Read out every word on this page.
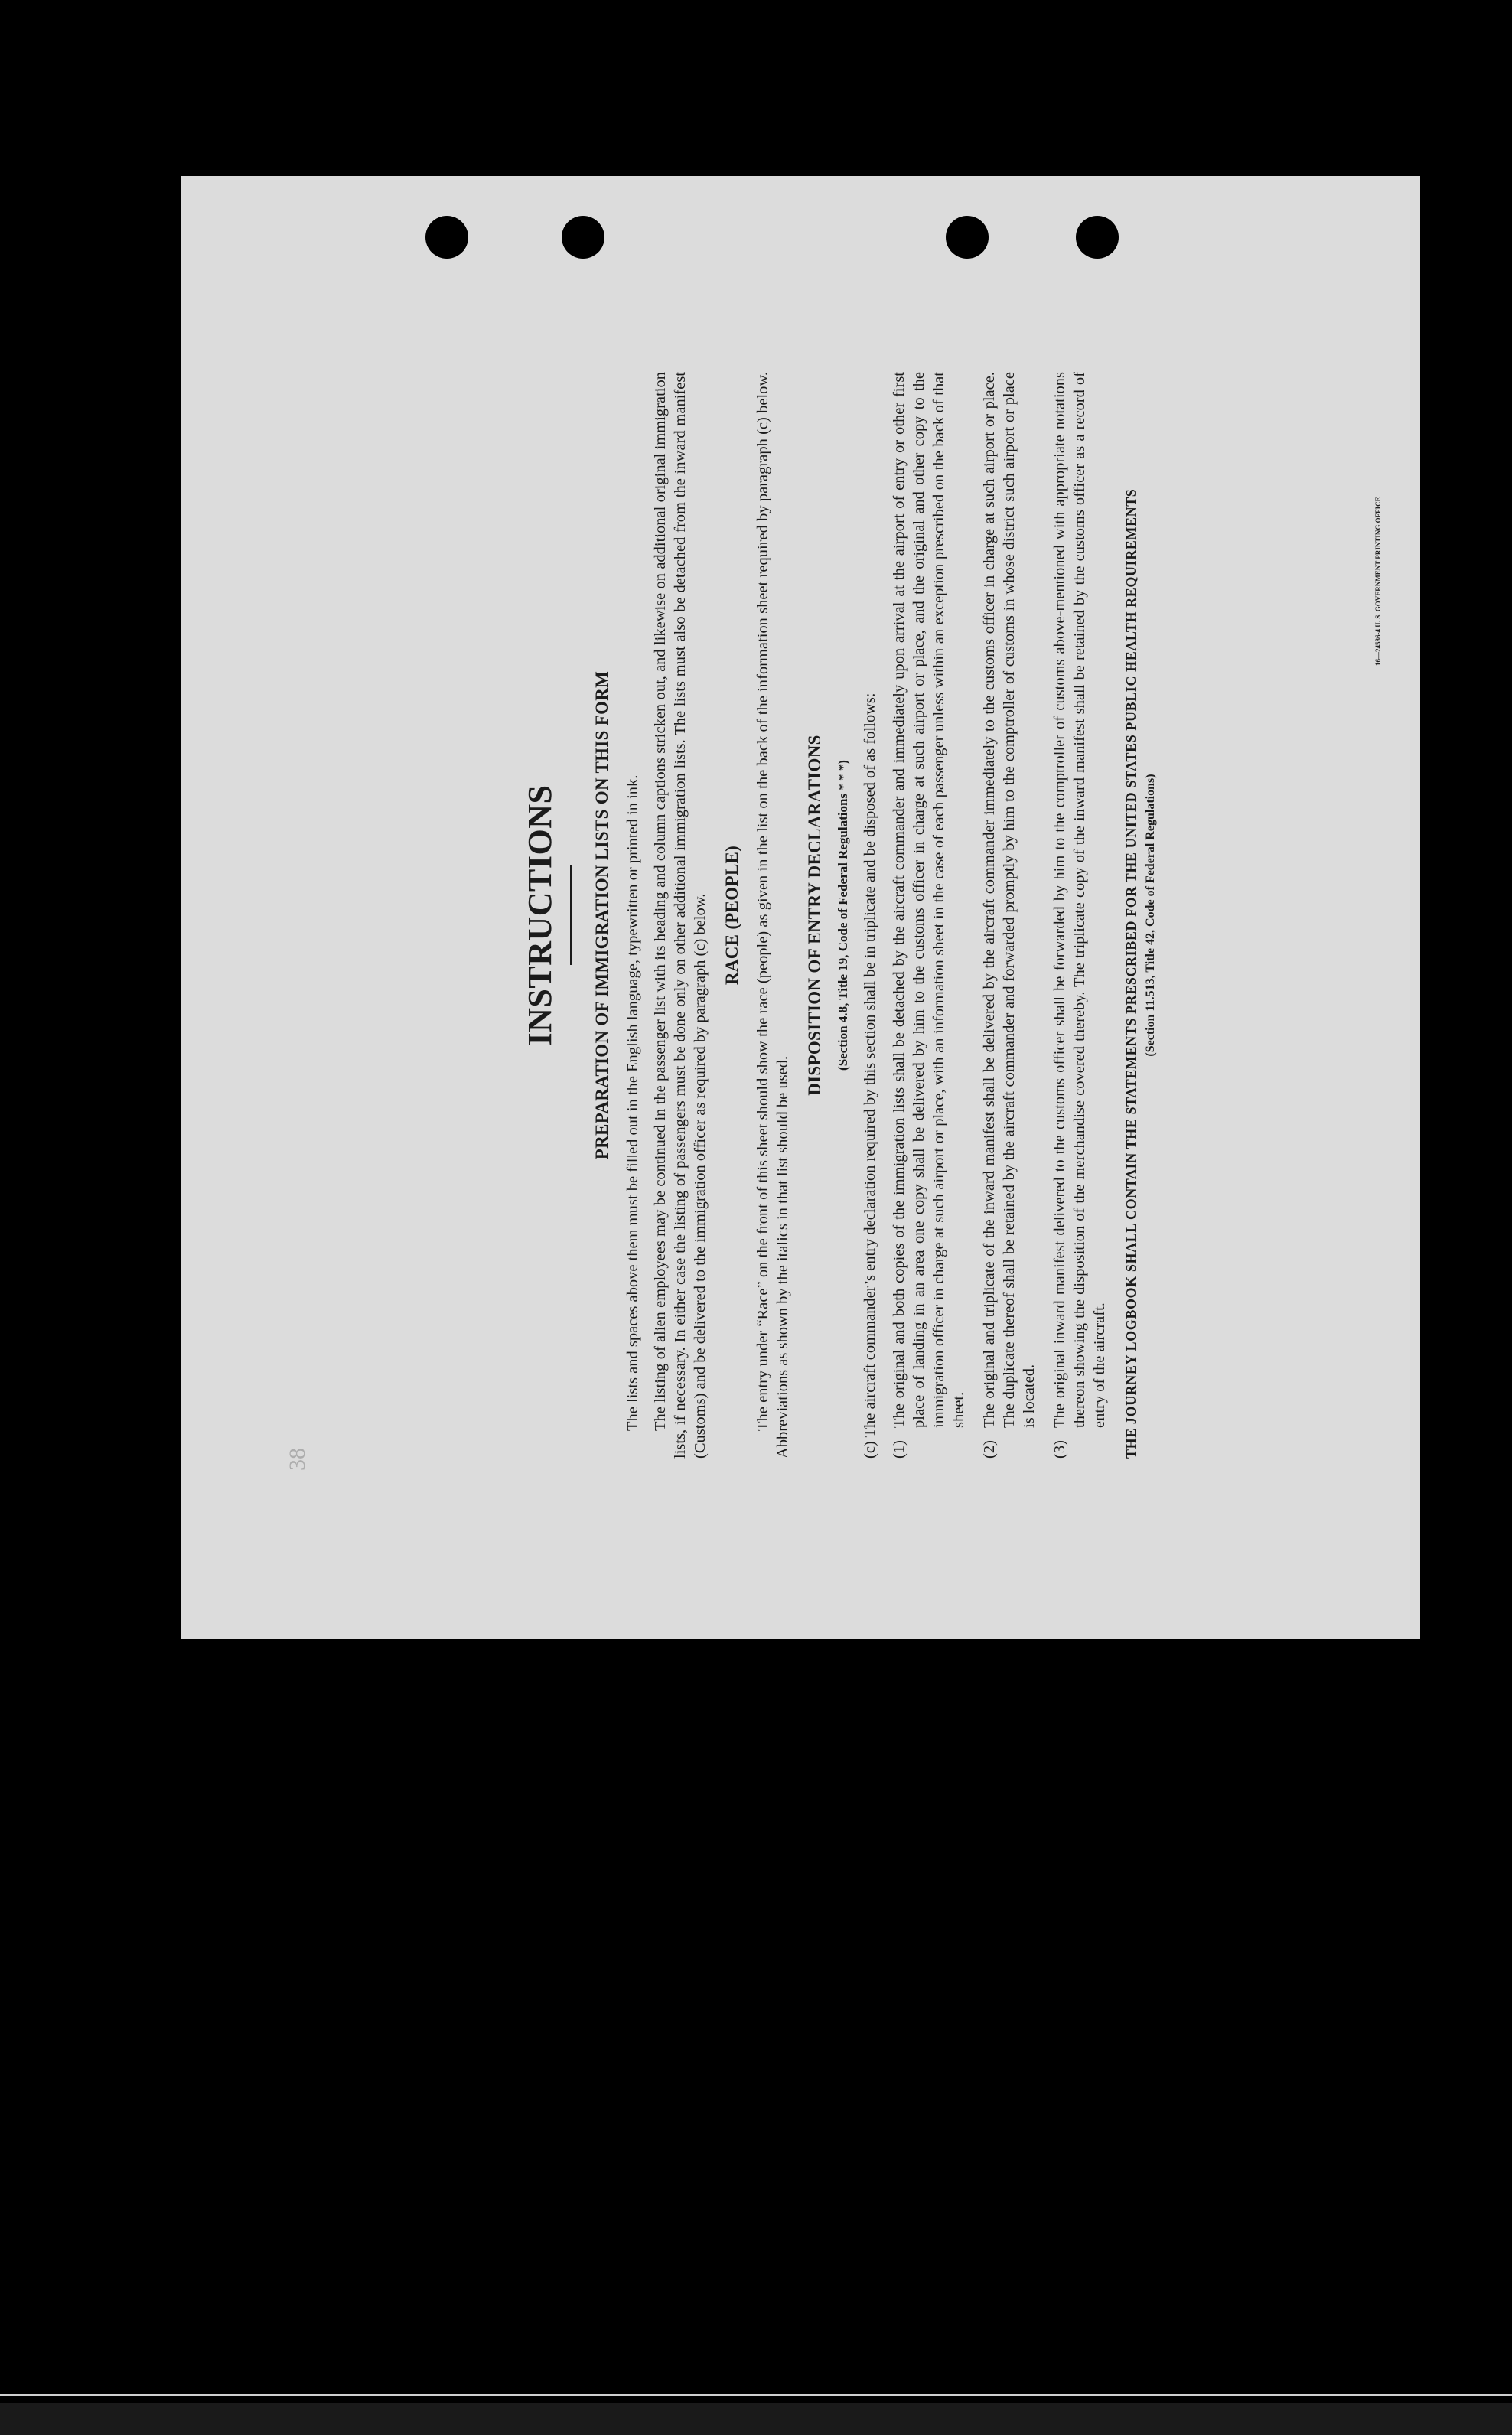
38
INSTRUCTIONS PREPARATION OF IMMIGRATION LISTS ON THIS FORM The lists and spaces above them must be filled out in the English language, typewritten or printed in ink. The listing of alien employees may be continued in the passenger list with its heading and column captions stricken out, and likewise on additional original immigration lists, if necessary. In either case the listing of passengers must be done only on other additional immigration lists. The lists must also be detached from the inward manifest (Customs) and be delivered to the immigration officer as required by paragraph (c) below. RACE (PEOPLE) The entry under “Race” on the front of this sheet should show the race (people) as given in the list on the back of the information sheet required by paragraph (c) below. Abbreviations as shown by the italics in that list should be used.

DISPOSITION OF ENTRY DECLARATIONS (Section 4.8, Title 19, Code of Federal Regulations * * *) (c) The aircraft commander’s entry declaration required by this section shall be in triplicate and be disposed of as follows: (1)
The original and both copies of the immigration lists shall be detached by the aircraft commander and immediately upon arrival at the airport of entry or other first place of landing in an area one copy shall be delivered by him to the customs officer in charge at such airport or place, and the original and other copy to the immigration officer in charge at such airport or place, with an information sheet in the case of each passenger unless within an exception prescribed on the back of that sheet.
(2)
The original and triplicate of the inward manifest shall be delivered by the aircraft commander immediately to the customs officer in charge at such airport or place. The duplicate thereof shall be retained by the aircraft commander and forwarded promptly by him to the comptroller of customs in whose district such airport or place is located.
(3)
The original inward manifest delivered to the customs officer shall be forwarded by him to the comptroller of customs above-mentioned with appropriate notations thereon showing the disposition of the merchandise covered thereby. The triplicate copy of the inward manifest shall be retained by the customs officer as a record of entry of the aircraft. THE JOURNEY LOGBOOK SHALL CONTAIN THE STATEMENTS PRESCRIBED FOR THE UNITED STATES PUBLIC HEALTH REQUIREMENTS (Section 11.513, Title 42, Code of Federal Regulations)
16—24586-4 U. S. GOVERNMENT PRINTING OFFICE
